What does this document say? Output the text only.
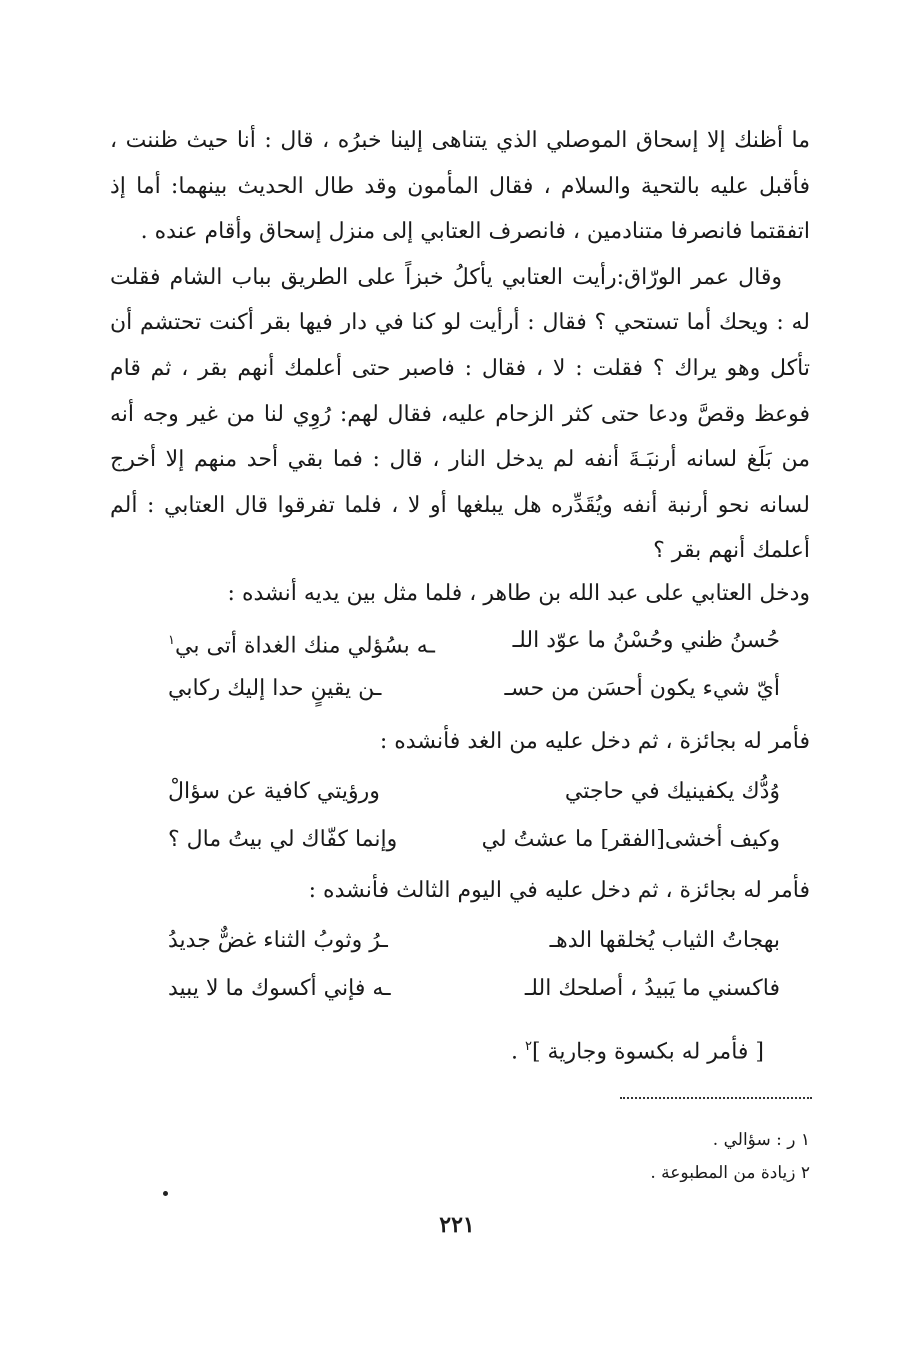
ما أظنك إلا إسحاق الموصلي الذي يتناهى إلينا خبرُه ، قال : أنا حيث ظننت ، فأقبل عليه بالتحية والسلام ، فقال المأمون وقد طال الحديث بينهما: أما إذ اتفقتما فانصرفا متنادمين ، فانصرف العتابي إلى منزل إسحاق وأقام عنده .

وقال عمر الورّاق:رأيت العتابي يأكلُ خبزاً على الطريق بباب الشام فقلت له : ويحك أما تستحي ؟ فقال : أرأيت لو كنا في دار فيها بقر أكنت تحتشم أن تأكل وهو يراك ؟ فقلت : لا ، فقال : فاصبر حتى أعلمك أنهم بقر ، ثم قام فوعظ وقصَّ ودعا حتى كثر الزحام عليه، فقال لهم: رُوِي لنا من غير وجه أنه من بَلَغ لسانه أرنبَـةَ أنفه لم يدخل النار ، قال : فما بقي أحد منهم إلا أخرج لسانه نحو أرنبة أنفه ويُقَدِّره هل يبلغها أو لا ، فلما تفرقوا قال العتابي : ألم أعلمك أنهم بقر ؟

ودخل العتابي على عبد الله بن طاهر ، فلما مثل بين يديه أنشده :

حُسنُ ظني وحُسْنُ ما عوّد اللـ
ـه بسُؤلي منك الغداة أتى بي$^١$
أيّ شيء يكون أحسَن من حسـ
ـن يقينٍ حدا إليك ركابي

فأمر له بجائزة ، ثم دخل عليه من الغد فأنشده :

وُدُّك يكفينيك في حاجتي
ورؤيتي كافية عن سؤالْ
وكيف أخشى[الفقر] ما عشتُ لي
وإنما كفّاك لي بيتُ مال ؟

فأمر له بجائزة ، ثم دخل عليه في اليوم الثالث فأنشده :

بهجاتُ الثياب يُخلقها الدهـ
ـرُ وثوبُ الثناء غضٌّ جديدُ
فاكسني ما يَبيدُ ، أصلحك اللـ
ـه فإني أكسوك ما لا يبيد
[ فأمر له بكسوة وجارية ]$^٢$ .
١ ر : سؤالي .
٢ زيادة من المطبوعة .
٢٢١
